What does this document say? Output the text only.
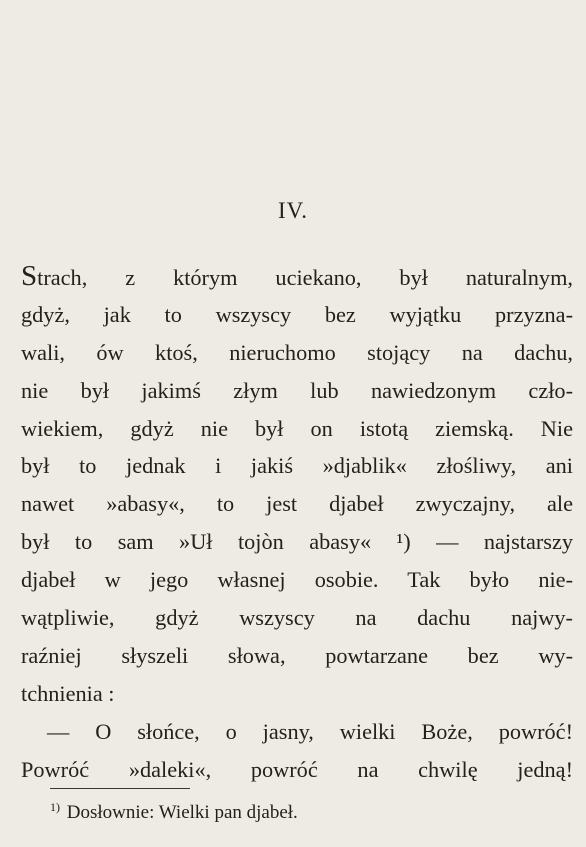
IV.
Strach, z którym uciekano, był naturalnym,
gdyż, jak to wszyscy bez wyjątku przyzna-
wali, ów ktoś, nieruchomo stojący na dachu,
nie był jakimś złym lub nawiedzonym czło-
wiekiem, gdyż nie był on istotą ziemską. Nie
był to jednak i jakiś »djablik« złośliwy, ani
nawet »abasy«, to jest djabeł zwyczajny, ale
był to sam »Uł tojòn abasy« ¹) — najstarszy
djabeł w jego własnej osobie. Tak było nie-
wątpliwie, gdyż wszyscy na dachu najwy-
raźniej słyszeli słowa, powtarzane bez wy-
tchnienia :
— O słońce, o jasny, wielki Boże, powróć!
Powróć »daleki«, powróć na chwilę jedną!
$^{1)}$ Dosłownie: Wielki pan djabeł.
